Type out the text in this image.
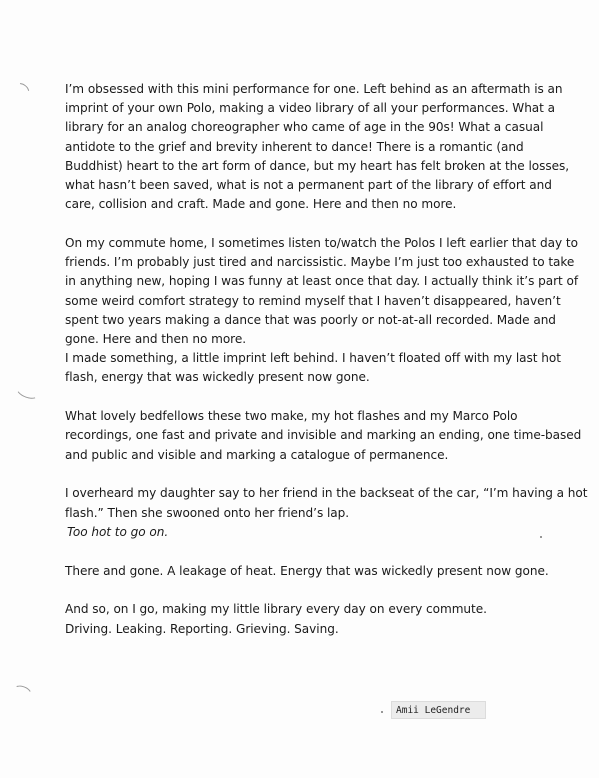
I’m obsessed with this mini performance for one. Left behind as an aftermath is an
imprint of your own Polo, making a video library of all your performances. What a
library for an analog choreographer who came of age in the 90s! What a casual
antidote to the grief and brevity inherent to dance! There is a romantic (and
Buddhist) heart to the art form of dance, but my heart has felt broken at the losses,
what hasn’t been saved, what is not a permanent part of the library of effort and
care, collision and craft. Made and gone. Here and then no more.
On my commute home, I sometimes listen to/watch the Polos I left earlier that day to
friends. I’m probably just tired and narcissistic. Maybe I’m just too exhausted to take
in anything new, hoping I was funny at least once that day. I actually think it’s part of
some weird comfort strategy to remind myself that I haven’t disappeared, haven’t
spent two years making a dance that was poorly or not-at-all recorded. Made and
gone. Here and then no more.
I made something, a little imprint left behind. I haven’t floated off with my last hot
flash, energy that was wickedly present now gone.
What lovely bedfellows these two make, my hot flashes and my Marco Polo
recordings, one fast and private and invisible and marking an ending, one time-based
and public and visible and marking a catalogue of permanence.
I overheard my daughter say to her friend in the backseat of the car, “I’m having a hot
flash.” Then she swooned onto her friend’s lap.
Too hot to go on.
There and gone. A leakage of heat. Energy that was wickedly present now gone.
And so, on I go, making my little library every day on every commute.
Driving. Leaking. Reporting. Grieving. Saving.
Amii LeGendre
